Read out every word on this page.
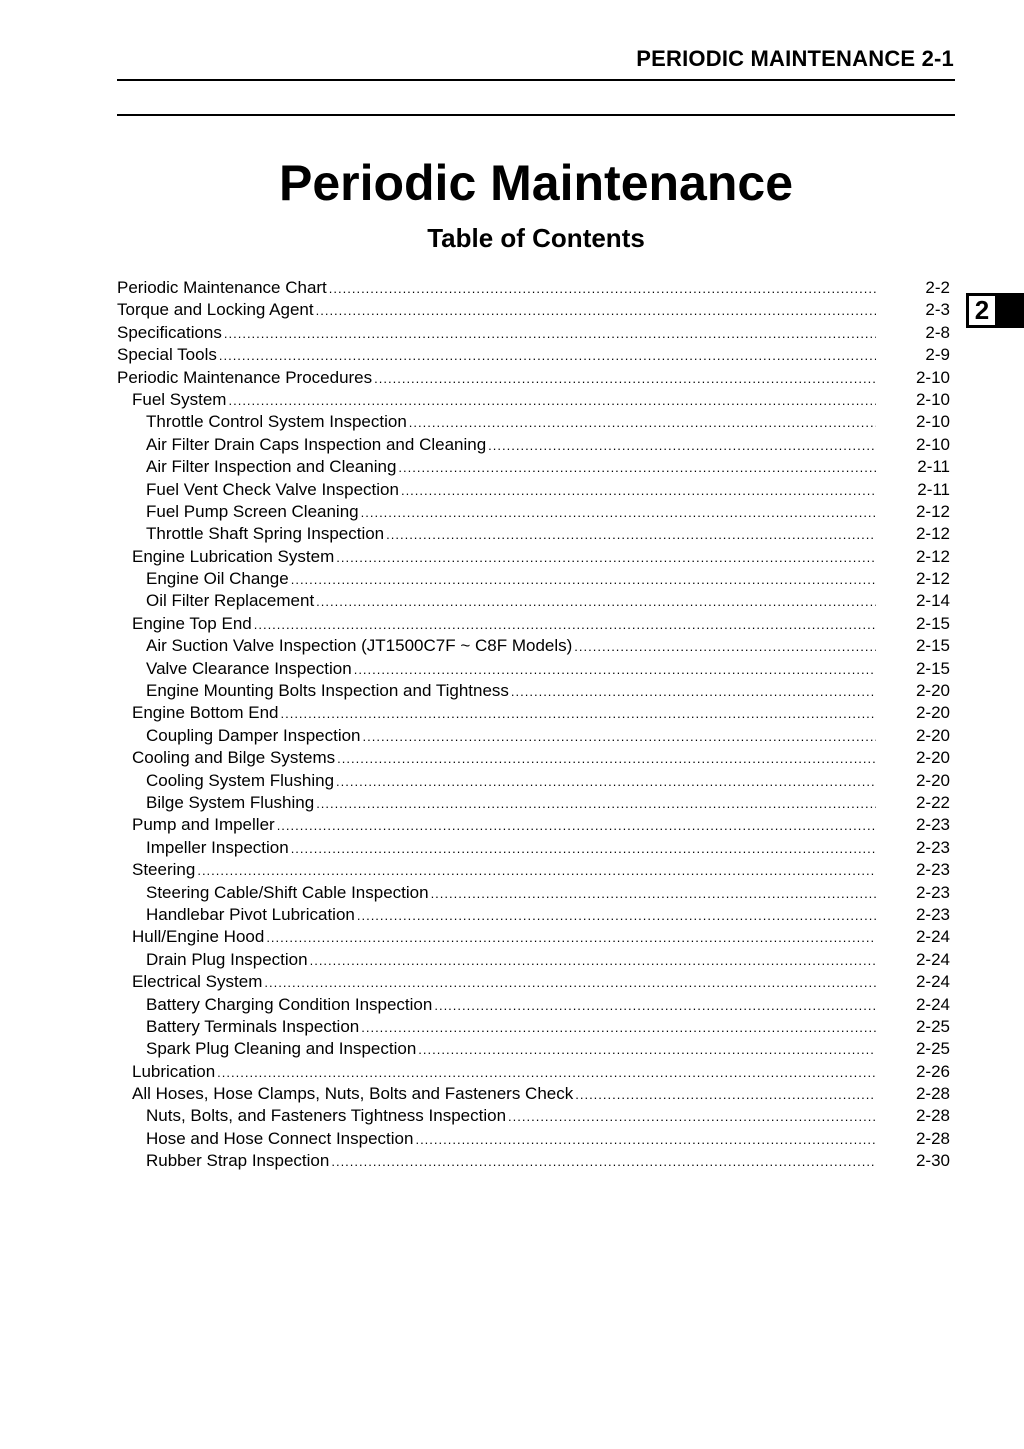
PERIODIC MAINTENANCE 2-1
2
Periodic Maintenance
Table of Contents
Periodic Maintenance Chart .....	2-2
Torque and Locking Agent .....	2-3
Specifications .....	2-8
Special Tools .....	2-9
Periodic Maintenance Procedures .....	2-10
Fuel System .....	2-10
Throttle Control System Inspection .....	2-10
Air Filter Drain Caps Inspection and Cleaning .....	2-10
Air Filter Inspection and Cleaning .....	2-11
Fuel Vent Check Valve Inspection .....	2-11
Fuel Pump Screen Cleaning .....	2-12
Throttle Shaft Spring Inspection .....	2-12
Engine Lubrication System .....	2-12
Engine Oil Change .....	2-12
Oil Filter Replacement .....	2-14
Engine Top End .....	2-15
Air Suction Valve Inspection (JT1500C7F ~ C8F Models) .....	2-15
Valve Clearance Inspection .....	2-15
Engine Mounting Bolts Inspection and Tightness .....	2-20
Engine Bottom End .....	2-20
Coupling Damper Inspection .....	2-20
Cooling and Bilge Systems .....	2-20
Cooling System Flushing .....	2-20
Bilge System Flushing .....	2-22
Pump and Impeller .....	2-23
Impeller Inspection .....	2-23
Steering .....	2-23
Steering Cable/Shift Cable Inspection .....	2-23
Handlebar Pivot Lubrication .....	2-23
Hull/Engine Hood .....	2-24
Drain Plug Inspection .....	2-24
Electrical System .....	2-24
Battery Charging Condition Inspection .....	2-24
Battery Terminals Inspection .....	2-25
Spark Plug Cleaning and Inspection .....	2-25
Lubrication .....	2-26
All Hoses, Hose Clamps, Nuts, Bolts and Fasteners Check .....	2-28
Nuts, Bolts, and Fasteners Tightness Inspection .....	2-28
Hose and Hose Connect Inspection .....	2-28
Rubber Strap Inspection .....	2-30
